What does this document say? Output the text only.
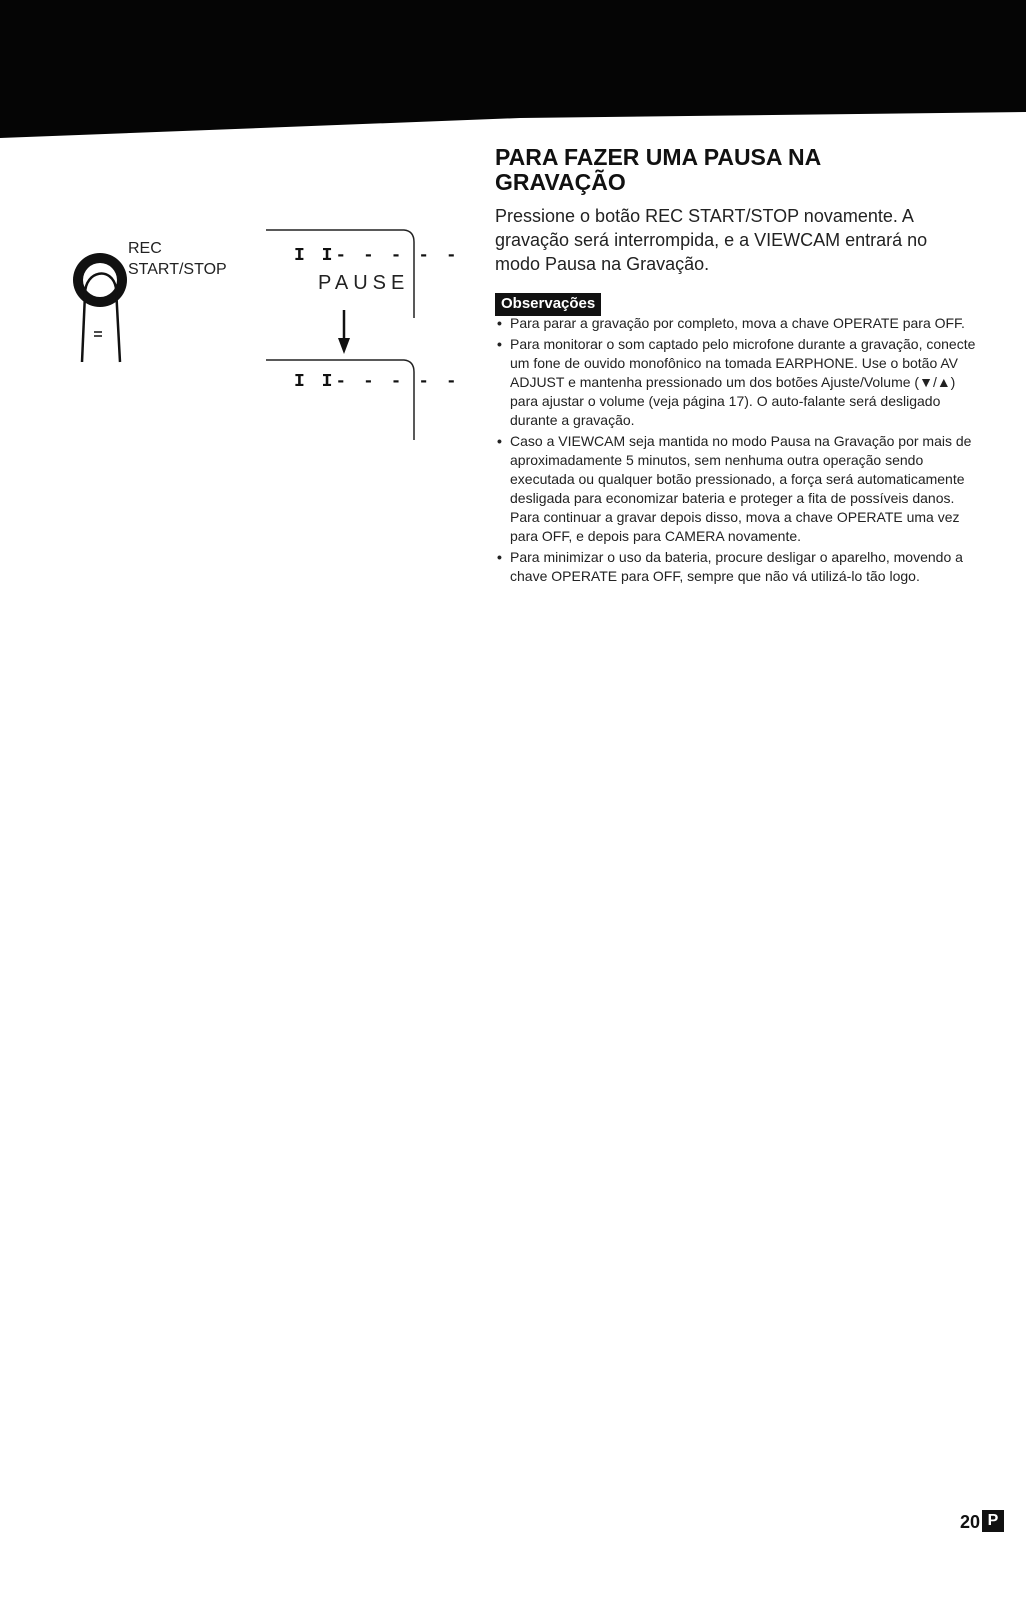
REC
START/STOP
I I- - - - -
PAUSE
I I- - - - -
PARA FAZER UMA PAUSA NA
GRAVAÇÃO

Pressione o botão REC START/STOP novamente. A gravação será interrompida, e a VIEWCAM entrará no modo Pausa na Gravação.

Observações
• Para parar a gravação por completo, mova a chave OPERATE para OFF.
• Para monitorar o som captado pelo microfone durante a gravação, conecte um fone de ouvido monofônico na tomada EARPHONE. Use o botão AV ADJUST e mantenha pressionado um dos botões Ajuste/Volume (▼/▲) para ajustar o volume (veja página 17). O auto-falante será desligado durante a gravação.
• Caso a VIEWCAM seja mantida no modo Pausa na Gravação por mais de aproximadamente 5 minutos, sem nenhuma outra operação sendo executada ou qualquer botão pressionado, a força será automaticamente desligada para economizar bateria e proteger a fita de possíveis danos. Para continuar a gravar depois disso, mova a chave OPERATE uma vez para OFF, e depois para CAMERA novamente.
• Para minimizar o uso da bateria, procure desligar o aparelho, movendo a chave OPERATE para OFF, sempre que não vá utilizá-lo tão logo.
20 P
